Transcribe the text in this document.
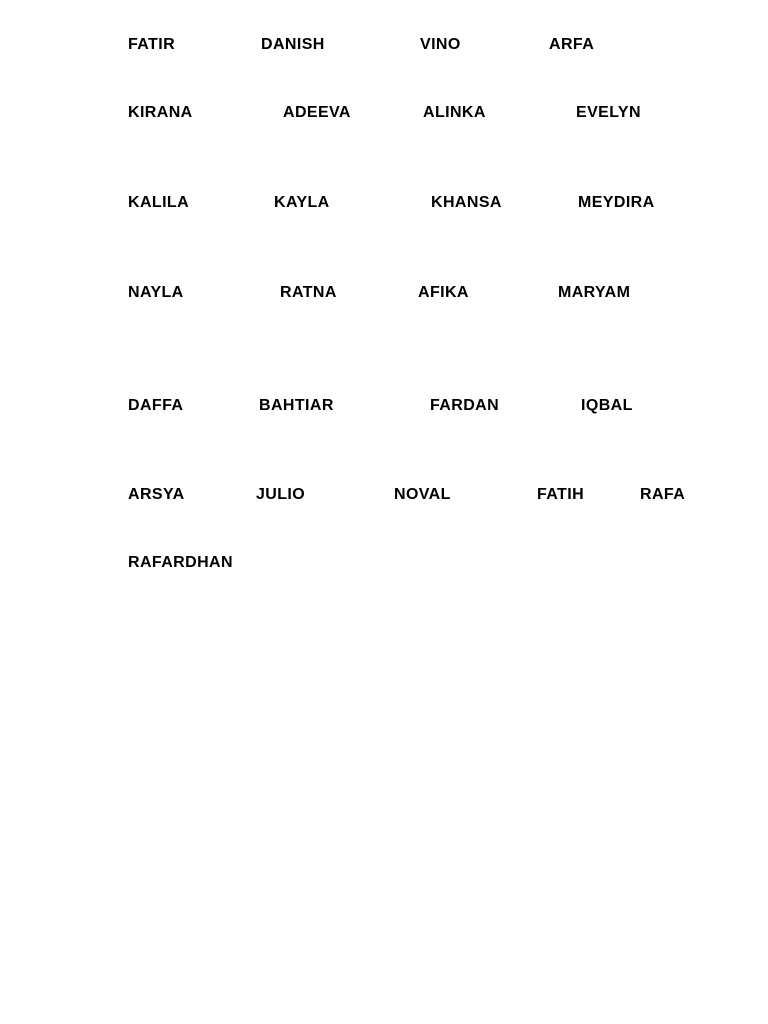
FATIR	DANISH	VINO	ARFA
KIRANA	ADEEVA	ALINKA	EVELYN
KALILA	KAYLA	KHANSA	MEYDIRA
NAYLA	RATNA	AFIKA	MARYAM
DAFFA	BAHTIAR	FARDAN	IQBAL
ARSYA	JULIO	NOVAL	FATIH	RAFA
RAFARDHAN
